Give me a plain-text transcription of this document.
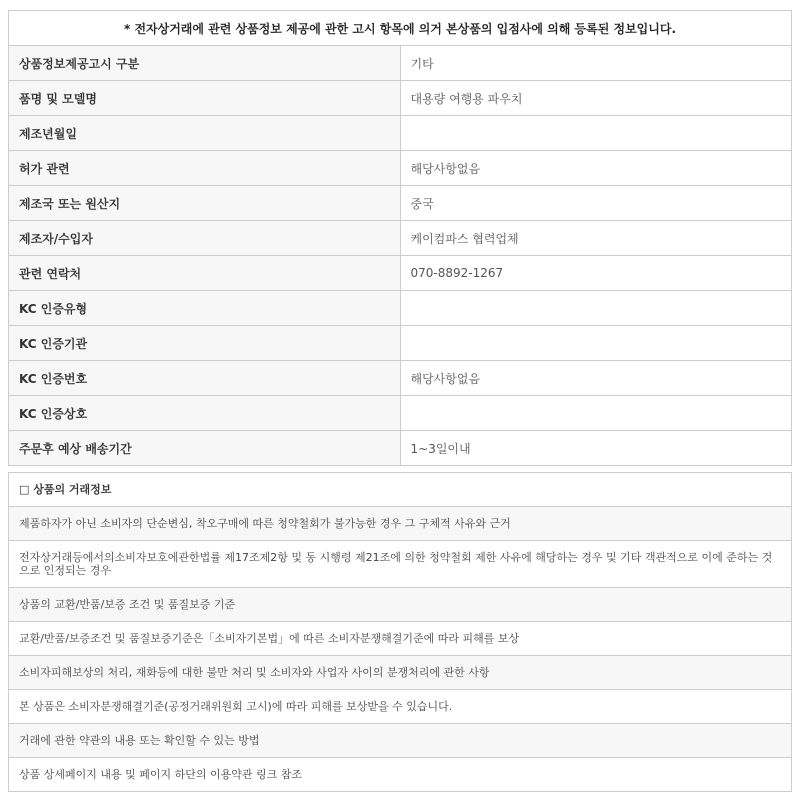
* 전자상거래에 관련 상품정보 제공에 관한 고시 항목에 의거 본상품의 입점사에 의해 등록된 정보입니다.	
상품정보제공고시 구분	기타
품명 및 모델명	대용량 여행용 파우치
제조년월일	
허가 관련	해당사항없음
제조국 또는 원산지	중국
제조자/수입자	케이컴파스 협력업체
관련 연락처	070-8892-1267
KC 인증유형	
KC 인증기관	
KC 인증번호	해당사항없음
KC 인증상호	
주문후 예상 배송기간	1~3일이내
□ 상품의 거래정보
제품하자가 아닌 소비자의 단순변심, 착오구매에 따른 청약철회가 불가능한 경우 그 구체적 사유와 근거
전자상거래등에서의소비자보호에관한법률 제17조제2항 및 동 시행령 제21조에 의한 청약철회 제한 사유에 해당하는 경우 및 기타 객관적으로 이에 준하는 것으로 인정되는 경우
상품의 교환/반품/보증 조건 및 품질보증 기준
교환/반품/보증조건 및 품질보증기준은「소비자기본법」에 따른 소비자분쟁해결기준에 따라 피해를 보상
소비자피해보상의 처리, 재화등에 대한 불만 처리 및 소비자와 사업자 사이의 분쟁처리에 관한 사항
본 상품은 소비자분쟁해결기준(공정거래위원회 고시)에 따라 피해를 보상받을 수 있습니다.
거래에 관한 약관의 내용 또는 확인할 수 있는 방법
상품 상세페이지 내용 및 페이지 하단의 이용약관 링크 참조
